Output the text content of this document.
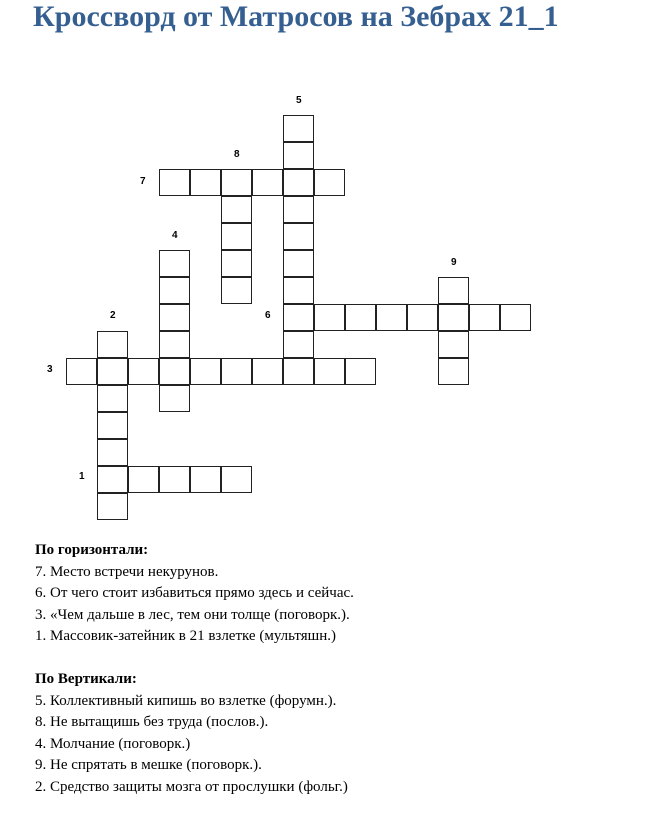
Кроссворд от Матросов на Зебрах 21_1
1
2
3
4
5
6
7
8
9
По горизонтали:
7. Место встречи некурунов.
6. От чего стоит избавиться прямо здесь и сейчас.
3. «Чем дальше в лес, тем они толще (поговорк.).
1. Массовик-затейник в 21 взлетке (мультяшн.)
По Вертикали:
5. Коллективный кипишь во взлетке (форумн.).
8. Не вытащишь без труда (послов.).
4. Молчание (поговорк.)
9. Не спрятать в мешке (поговорк.).
2. Средство защиты мозга от прослушки (фольг.)
